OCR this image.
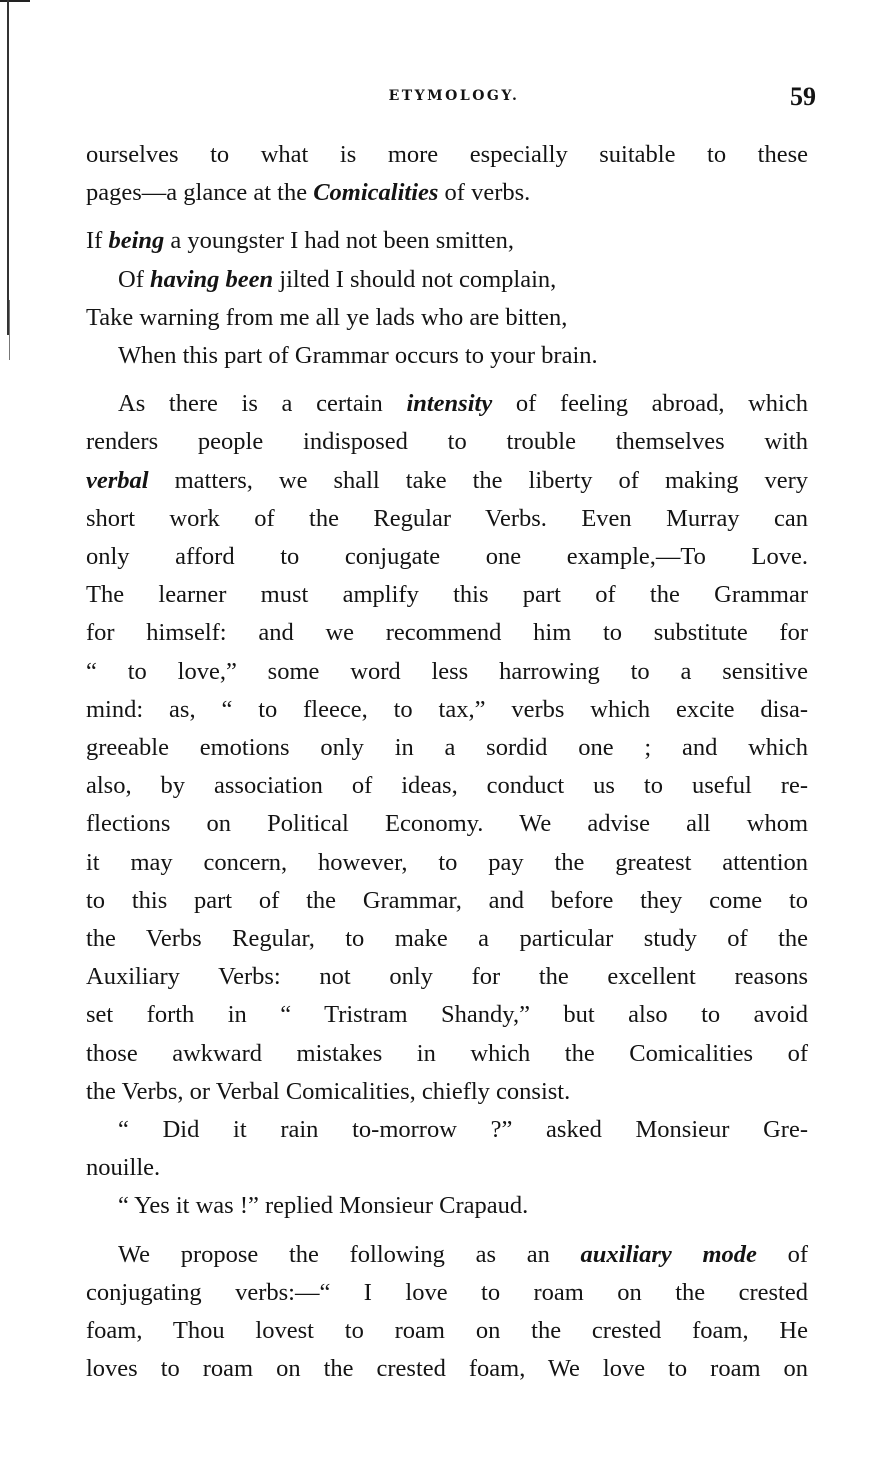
ETYMOLOGY.	59
ourselves to what is more especially suitable to these
pages—a glance at the Comicalities of verbs.
If being a youngster I had not been smitten,
Of having been jilted I should not complain,
Take warning from me all ye lads who are bitten,
When this part of Grammar occurs to your brain.
As there is a certain intensity of feeling abroad, which
renders people indisposed to trouble themselves with
verbal matters, we shall take the liberty of making very
short work of the Regular Verbs. Even Murray can
only afford to conjugate one example,—To Love.
The learner must amplify this part of the Grammar
for himself: and we recommend him to substitute for
“ to love,” some word less harrowing to a sensitive
mind: as, “ to fleece, to tax,” verbs which excite disa-
greeable emotions only in a sordid one ; and which
also, by association of ideas, conduct us to useful re-
flections on Political Economy. We advise all whom
it may concern, however, to pay the greatest attention
to this part of the Grammar, and before they come to
the Verbs Regular, to make a particular study of the
Auxiliary Verbs: not only for the excellent reasons
set forth in “ Tristram Shandy,” but also to avoid
those awkward mistakes in which the Comicalities of
the Verbs, or Verbal Comicalities, chiefly consist.
“ Did it rain to-morrow ?” asked Monsieur Gre-
nouille.
“ Yes it was !” replied Monsieur Crapaud.
We propose the following as an auxiliary mode of
conjugating verbs:—“ I love to roam on the crested
foam, Thou lovest to roam on the crested foam, He
loves to roam on the crested foam, We love to roam on
